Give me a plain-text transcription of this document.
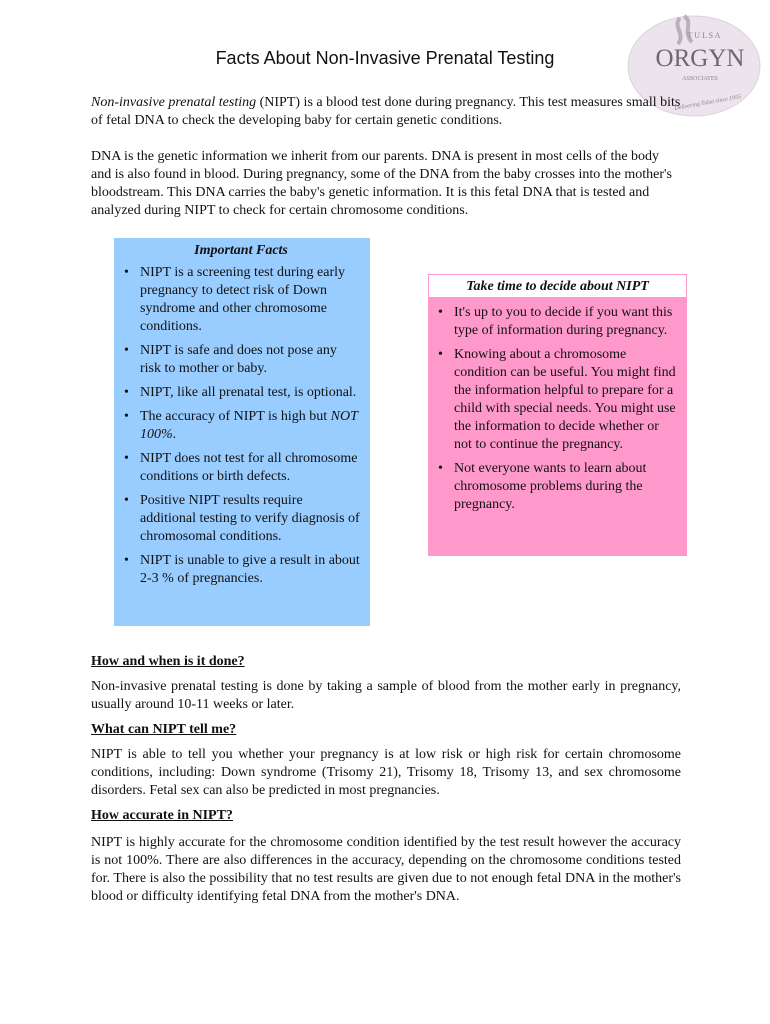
Facts About Non-Invasive Prenatal Testing
T U L S A
ORGYN
ASSOCIATES
Delivering Tulsa since 1955

Non-invasive prenatal testing (NIPT) is a blood test done during pregnancy. This test measures small bits of fetal DNA to check the developing baby for certain genetic conditions.

DNA is the genetic information we inherit from our parents. DNA is present in most cells of the body and is also found in blood. During pregnancy, some of the DNA from the baby crosses into the mother's bloodstream. This DNA carries the baby's genetic information. It is this fetal DNA that is tested and analyzed during NIPT to check for certain chromosome conditions.

Important Facts
• NIPT is a screening test during early pregnancy to detect risk of Down syndrome and other chromosome conditions.
• NIPT is safe and does not pose any risk to mother or baby.
• NIPT, like all prenatal test, is optional.
• The accuracy of NIPT is high but NOT 100%.
• NIPT does not test for all chromosome conditions or birth defects.
• Positive NIPT results require additional testing to verify diagnosis of chromosomal conditions.
• NIPT is unable to give a result in about 2-3 % of pregnancies.
Take time to decide about NIPT
• It's up to you to decide if you want this type of information during pregnancy.
• Knowing about a chromosome condition can be useful. You might find the information helpful to prepare for a child with special needs. You might use the information to decide whether or not to continue the pregnancy.
• Not everyone wants to learn about chromosome problems during the pregnancy.
How and when is it done?

Non-invasive prenatal testing is done by taking a sample of blood from the mother early in pregnancy, usually around 10-11 weeks or later.

What can NIPT tell me?

NIPT is able to tell you whether your pregnancy is at low risk or high risk for certain chromosome conditions, including: Down syndrome (Trisomy 21), Trisomy 18, Trisomy 13, and sex chromosome disorders. Fetal sex can also be predicted in most pregnancies.

How accurate in NIPT?

NIPT is highly accurate for the chromosome condition identified by the test result however the accuracy is not 100%. There are also differences in the accuracy, depending on the chromosome conditions tested for. There is also the possibility that no test results are given due to not enough fetal DNA in the mother's blood or difficulty identifying fetal DNA from the mother's DNA.
